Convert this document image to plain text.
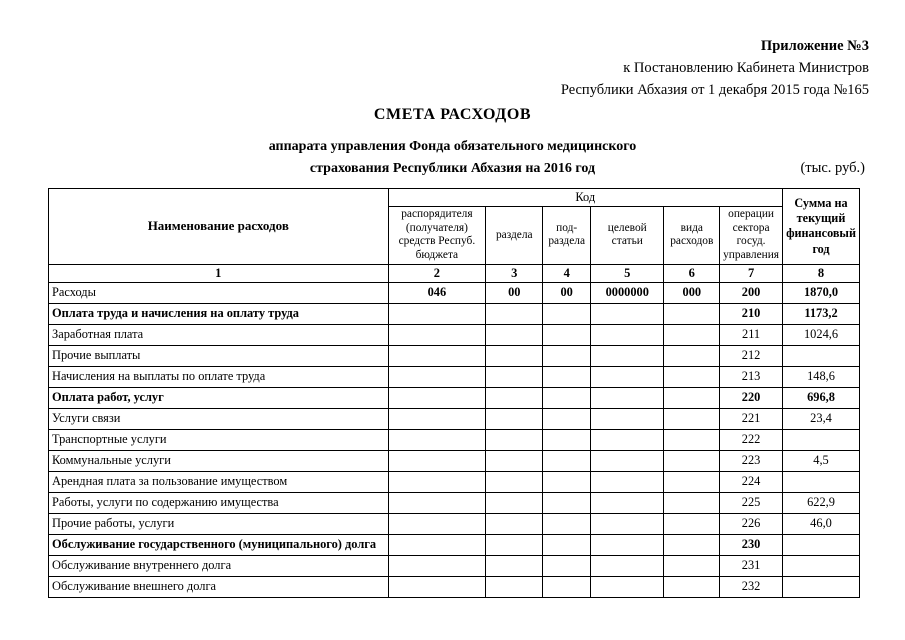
Приложение №3
к Постановлению Кабинета Министров
Республики Абхазия от 1 декабря 2015 года №165
СМЕТА РАСХОДОВ
аппарата управления Фонда обязательного медицинского
страхования Республики Абхазия на 2016 год	(тыс. руб.)
Наименование расходов	Код						Сумма на текущий финансовый год
	распорядителя (получателя) средств Респуб. бюджета	раздела	под-раздела	целевой статьи	вида расходов	операции сектора госуд. управления	
1	2	3	4	5	6	7	8
Расходы	046	00	00	0000000	000	200	1870,0
Оплата труда и начисления на оплату труда						210	1173,2
Заработная плата						211	1024,6
Прочие выплаты						212	
Начисления на выплаты по оплате труда						213	148,6
Оплата работ, услуг						220	696,8
Услуги связи						221	23,4
Транспортные услуги						222	
Коммунальные услуги						223	4,5
Арендная плата за пользование имуществом						224	
Работы, услуги по содержанию имущества						225	622,9
Прочие работы, услуги						226	46,0
Обслуживание государственного (муниципального) долга						230	
Обслуживание внутреннего долга						231	
Обслуживание внешнего долга						232	
